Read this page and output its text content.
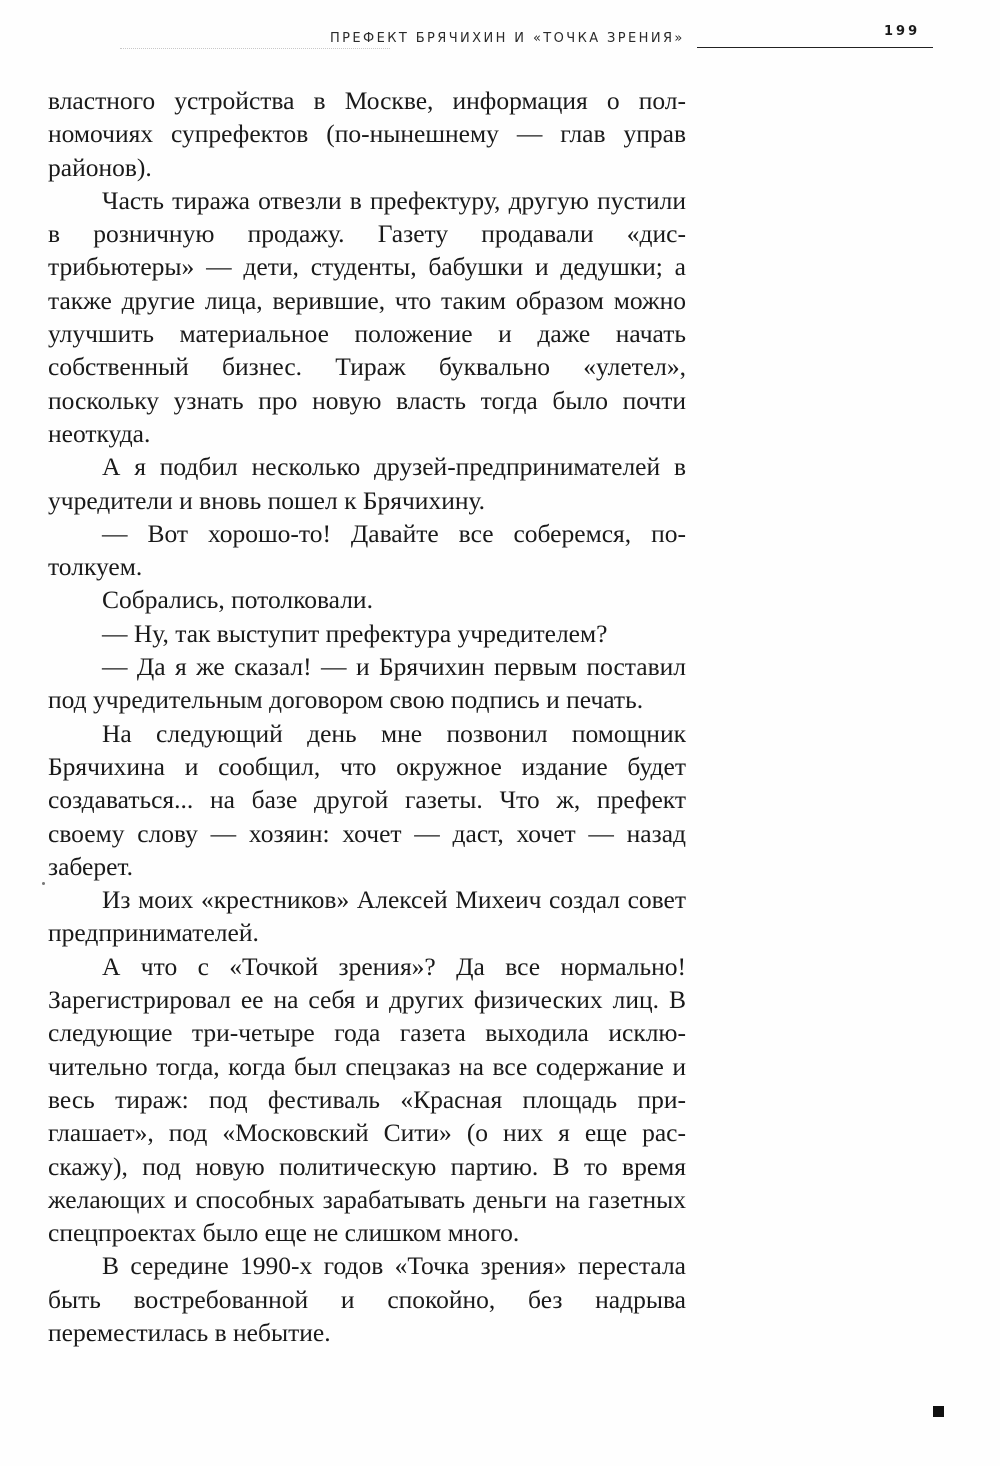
ПРЕФЕКТ БРЯЧИХИН И «ТОЧКА ЗРЕНИЯ»	199

властного устройства в Москве, информация о полномочиях супрефектов (по-нынешнему — глав управ районов).

Часть тиража отвезли в префектуру, другую пустили в розничную продажу. Газету продавали «дистрибьютеры» — дети, студенты, бабушки и дедушки; а также другие лица, верившие, что таким образом можно улучшить материальное положение и даже начать собственный бизнес. Тираж буквально «улетел», поскольку узнать про новую власть тогда было почти неоткуда.

А я подбил несколько друзей-предпринимателей в учредители и вновь пошел к Брячихину.

— Вот хорошо-то! Давайте все соберемся, потолкуем.

Собрались, потолковали.

— Ну, так выступит префектура учредителем?

— Да я же сказал! — и Брячихин первым поставил под учредительным договором свою подпись и печать.

На следующий день мне позвонил помощник Брячихина и сообщил, что окружное издание будет создаваться... на базе другой газеты. Что ж, префект своему слову — хозяин: хочет — даст, хочет — назад заберет.

Из моих «крестников» Алексей Михеич создал совет предпринимателей.

А что с «Точкой зрения»? Да все нормально! Зарегистрировал ее на себя и других физических лиц. В следующие три-четыре года газета выходила исключительно тогда, когда был спецзаказ на все содержание и весь тираж: под фестиваль «Красная площадь приглашает», под «Московский Сити» (о них я еще расскажу), под новую политическую партию. В то время желающих и способных зарабатывать деньги на газетных спецпроектах было еще не слишком много.

В середине 1990-х годов «Точка зрения» перестала быть востребованной и спокойно, без надрыва переместилась в небытие.
